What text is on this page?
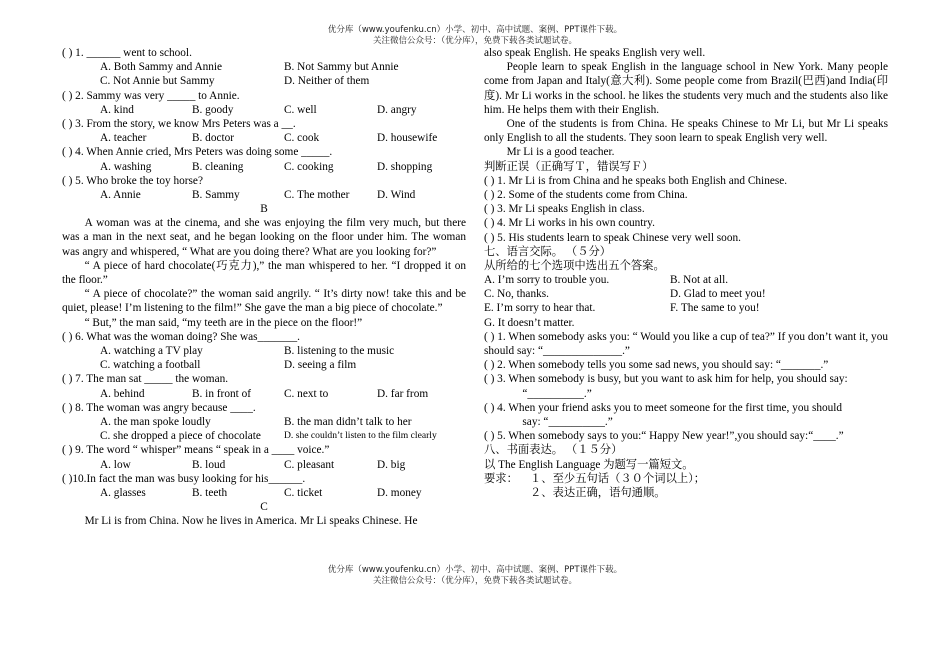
优分库（www.youfenku.cn）小学、初中、高中试题、案例、PPT课件下载。
关注微信公众号：（优分库），免费下载各类试题试卷。
( ) 1. ______ went to school.
A. Both Sammy and Annie	B. Not Sammy but Annie
C. Not Annie but Sammy	D. Neither of them
( ) 2. Sammy was very _____ to Annie.
A. kind	B. goody	C. well	D. angry
( ) 3. From the story, we know Mrs Peters was a __.
A. teacher	B. doctor	C. cook	D. housewife
( ) 4. When Annie cried, Mrs Peters was doing some _____.
A. washing	B. cleaning	C. cooking	D. shopping
( ) 5. Who broke the toy horse?
A. Annie	B. Sammy	C. The mother D. Wind
B

A woman was at the cinema, and she was enjoying the film very much, but there was a man in the next seat, and he began looking on the floor under him. The woman was angry and whispered, “ What are you doing there? What are you looking for?”

“ A piece of hard chocolate(巧克力),” the man whispered to her. “I dropped it on the floor.”

“ A piece of chocolate?” the woman said angrily. “ It’s dirty now! take this and be quiet, please! I’m listening to the film!” She gave the man a big piece of chocolate.”

“ But,” the man said, “my teeth are in the piece on the floor!”

( ) 6. What was the woman doing? She was_______.
A. watching a TV play	B. listening to the music
C. watching a football	D. seeing a film
( ) 7. The man sat _____ the woman.
A. behind	B. in front of	C. next to	D. far from
( ) 8. The woman was angry because ____.
A. the man spoke loudly	B. the man didn’t talk to her
C. she dropped a piece of chocolate D. she couldn’t listen to the film clearly
( ) 9. The word “ whisper” means “ speak in a ____ voice.”
A. low	B. loud	C. pleasant	D. big
( )10.In fact the man was busy looking for his______.
A. glasses	B. teeth	C. ticket	D. money
C

Mr Li is from China. Now he lives in America. Mr Li speaks Chinese. He

also speak English. He speaks English very well.

People learn to speak English in the language school in New York. Many people come from Japan and Italy(意大利). Some people come from Brazil(巴西)and India(印度). Mr Li works in the school. he likes the students very much and the students also like him. He helps them with their English.

One of the students is from China. He speaks Chinese to Mr Li, but Mr Li speaks only English to all the students. They soon learn to speak English very well.

Mr Li is a good teacher.

判断正误（正确写Ｔ，错误写Ｆ）
( ) 1. Mr Li is from China and he speaks both English and Chinese.
( ) 2. Some of the students come from China.
( ) 3. Mr Li speaks English in class.
( ) 4. Mr Li works in his own country.
( ) 5. His students learn to speak Chinese very well soon.
七、语言交际。 （５分）
从所给的七个选项中选出五个答案。
A. I’m sorry to trouble you.	B. Not at all.
C. No, thanks.	D. Glad to meet you!
E. I’m sorry to hear that.	F. The same to you!
G. It doesn’t matter.

( ) 1. When somebody asks you: “ Would you like a cup of tea?” If you don’t want it, you should say: “______________.”

( ) 2. When somebody tells you some sad news, you should say: “_______.”
( ) 3. When somebody is busy, but you want to ask him for help, you should say:
“__________.”
( ) 4. When your friend asks you to meet someone for the first time, you should
say: “__________.”
( ) 5. When somebody says to you:“ Happy New year!”,you should say:“____.”
八、书面表达。 （１５分）
以 The English Language 为题写一篇短文。
要求： １、至少五句话（３０个词以上）；
２、表达正确，语句通顺。
优分库（www.youfenku.cn）小学、初中、高中试题、案例、PPT课件下载。
关注微信公众号：（优分库），免费下载各类试题试卷。
